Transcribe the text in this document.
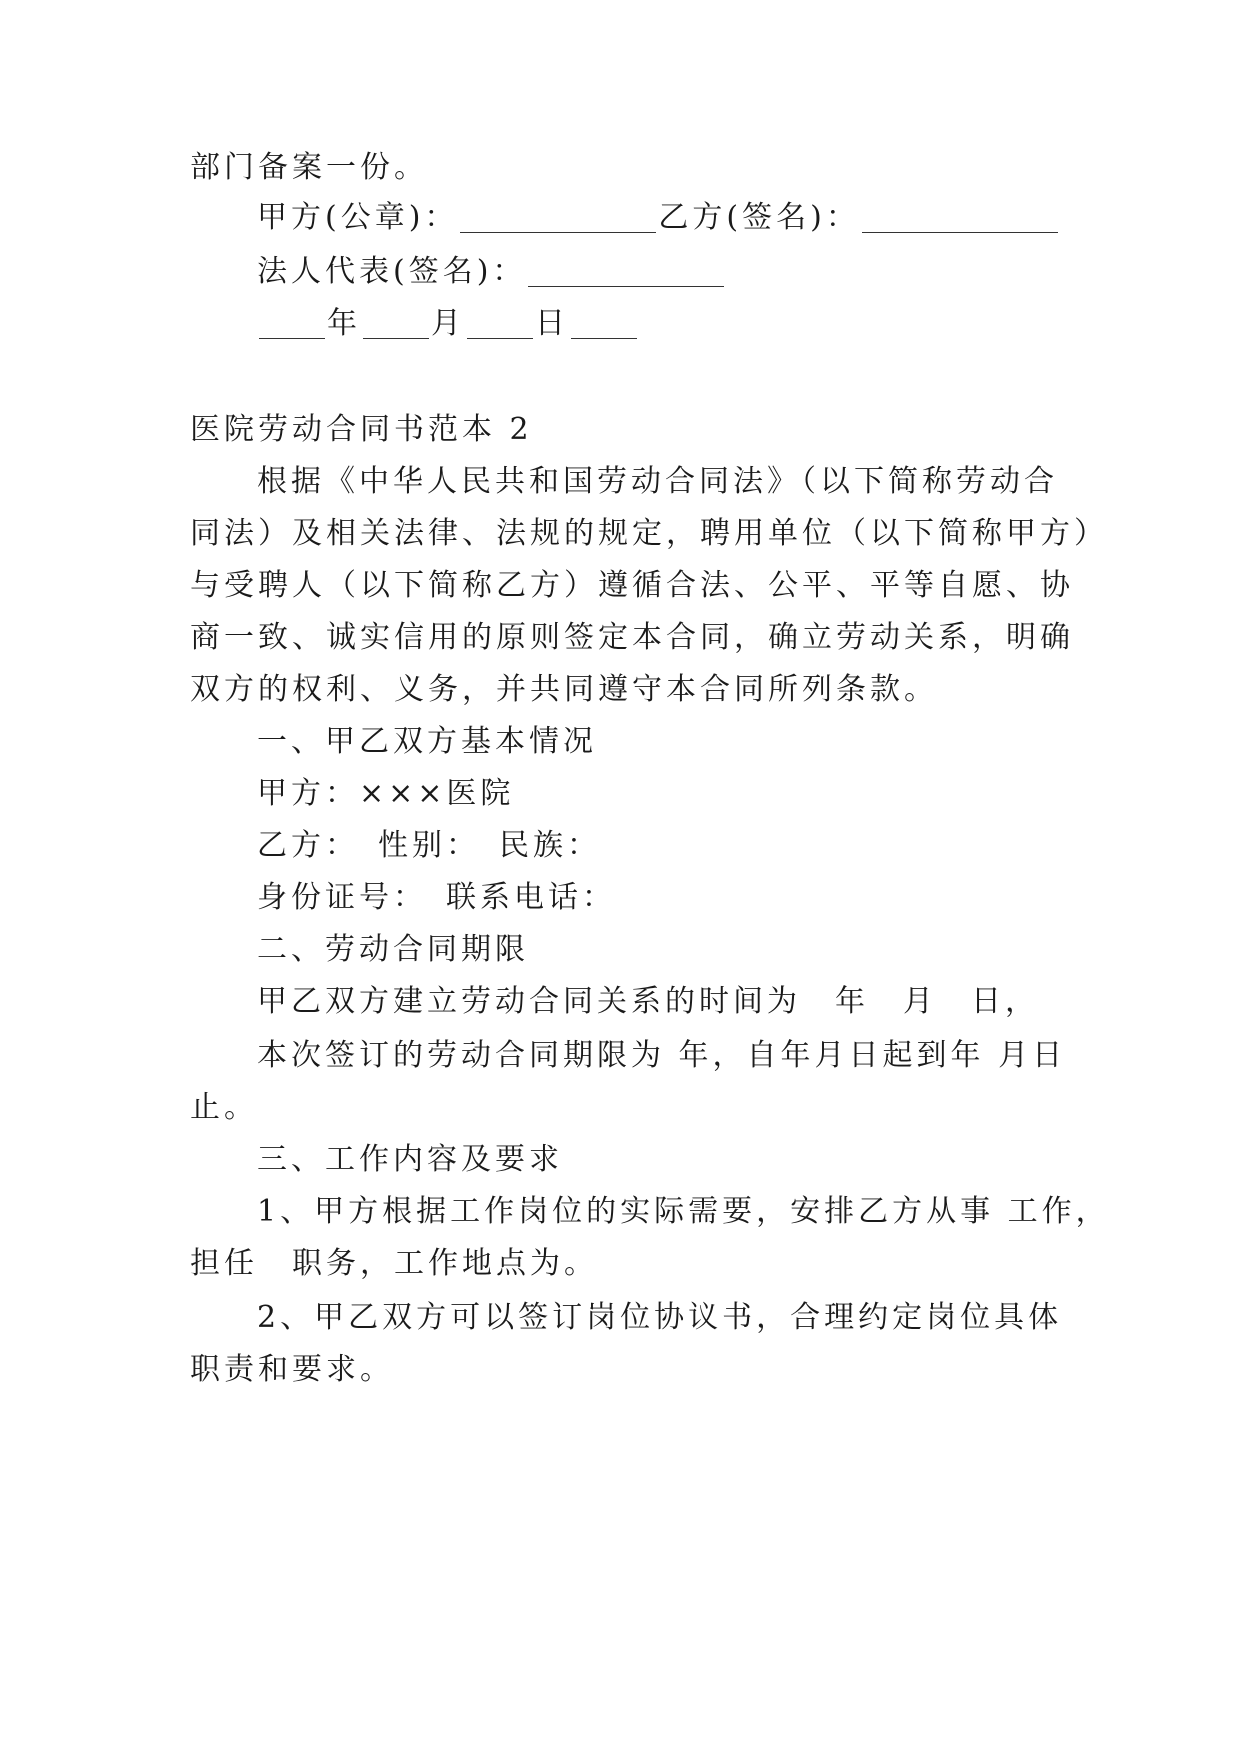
部门备案一份。
甲方(公章)：	乙方(签名)：
法人代表(签名)：
年 月 日
医院劳动合同书范本 2
根据《中华人民共和国劳动合同法》（以下简称劳动合
同法）及相关法律、法规的规定，聘用单位（以下简称甲方）
与受聘人（以下简称乙方）遵循合法、公平、平等自愿、协
商一致、诚实信用的原则签定本合同，确立劳动关系，明确
双方的权利、义务，并共同遵守本合同所列条款。
一、甲乙双方基本情况
甲方：×××医院
乙方：　性别：　民族：
身份证号：　联系电话：
二、劳动合同期限
甲乙双方建立劳动合同关系的时间为　年　月　日，
本次签订的劳动合同期限为 年，自年月日起到年 月日
止。
三、工作内容及要求
1、甲方根据工作岗位的实际需要，安排乙方从事 工作，
担任　职务，工作地点为。
2、甲乙双方可以签订岗位协议书，合理约定岗位具体
职责和要求。
